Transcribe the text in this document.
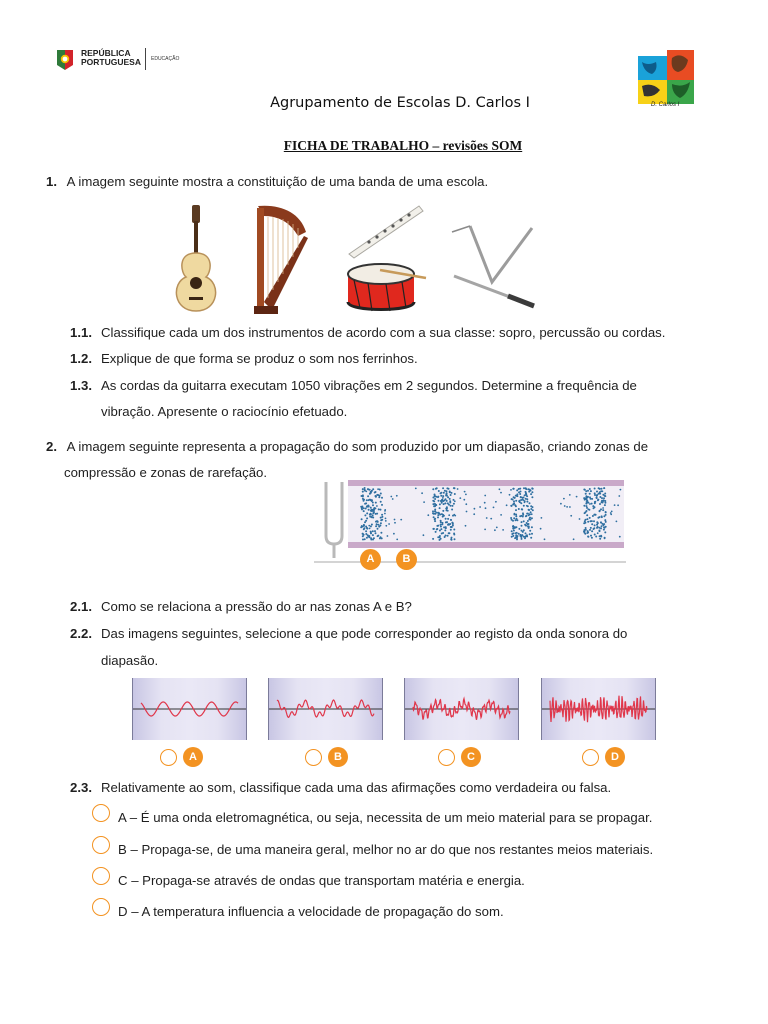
REPÚBLICA
PORTUGUESA EDUCAÇÃO
D. Carlos I
Agrupamento de Escolas D. Carlos I
FICHA DE TRABALHO – revisões SOM
1. A imagem seguinte mostra a constituição de uma banda de uma escola.
1.1. Classifique cada um dos instrumentos de acordo com a sua classe: sopro, percussão ou cordas.
1.2. Explique de que forma se produz o som nos ferrinhos.
1.3. As cordas da guitarra executam 1050 vibrações em 2 segundos. Determine a frequência de
vibração. Apresente o raciocínio efetuado.
2. A imagem seguinte representa a propagação do som produzido por um diapasão, criando zonas de
compressão e zonas de rarefação.
A	B
2.1. Como se relaciona a pressão do ar nas zonas A e B?
2.2. Das imagens seguintes, selecione a que pode corresponder ao registo da onda sonora do
diapasão.
A	B	C	D
2.3. Relativamente ao som, classifique cada uma das afirmações como verdadeira ou falsa.
A – É uma onda eletromagnética, ou seja, necessita de um meio material para se propagar.
B – Propaga-se, de uma maneira geral, melhor no ar do que nos restantes meios materiais.
C – Propaga-se através de ondas que transportam matéria e energia.
D – A temperatura influencia a velocidade de propagação do som.
